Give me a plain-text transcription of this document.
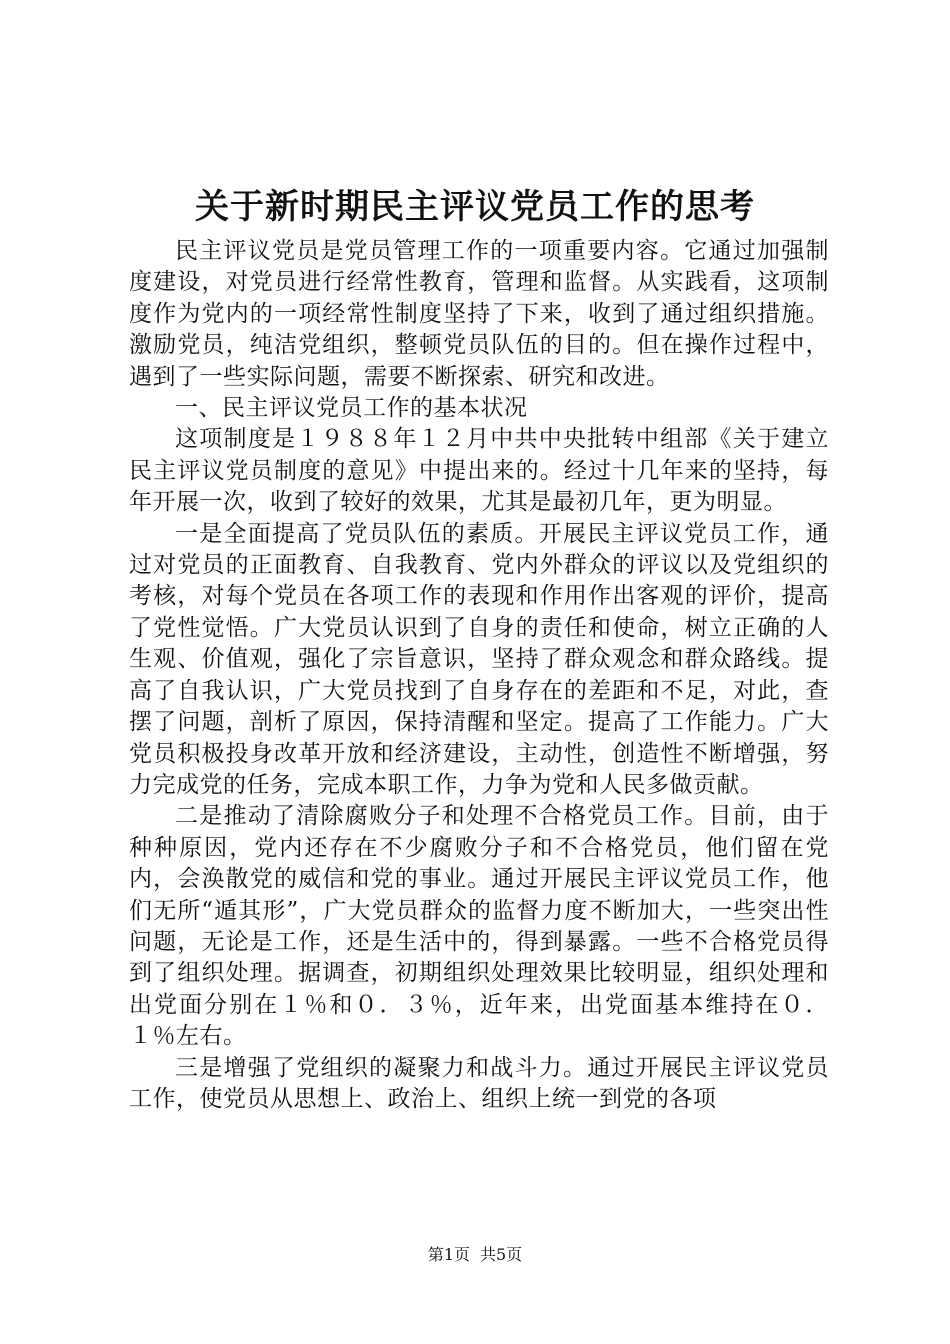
关于新时期民主评议党员工作的思考

民主评议党员是党员管理工作的一项重要内容。它通过加强制度建设，对党员进行经常性教育，管理和监督。从实践看，这项制度作为党内的一项经常性制度坚持了下来，收到了通过组织措施。激励党员，纯洁党组织，整顿党员队伍的目的。但在操作过程中，遇到了一些实际问题，需要不断探索、研究和改进。

一、民主评议党员工作的基本状况

这项制度是１９８８年１２月中共中央批转中组部《关于建立民主评议党员制度的意见》中提出来的。经过十几年来的坚持，每年开展一次，收到了较好的效果，尤其是最初几年，更为明显。

一是全面提高了党员队伍的素质。开展民主评议党员工作，通过对党员的正面教育、自我教育、党内外群众的评议以及党组织的考核，对每个党员在各项工作的表现和作用作出客观的评价，提高了党性觉悟。广大党员认识到了自身的责任和使命，树立正确的人生观、价值观，强化了宗旨意识，坚持了群众观念和群众路线。提高了自我认识，广大党员找到了自身存在的差距和不足，对此，查摆了问题，剖析了原因，保持清醒和坚定。提高了工作能力。广大党员积极投身改革开放和经济建设，主动性，创造性不断增强，努力完成党的任务，完成本职工作，力争为党和人民多做贡献。

二是推动了清除腐败分子和处理不合格党员工作。目前，由于种种原因，党内还存在不少腐败分子和不合格党员，他们留在党内，会涣散党的威信和党的事业。通过开展民主评议党员工作，他们无所“遁其形”，广大党员群众的监督力度不断加大，一些突出性问题，无论是工作，还是生活中的，得到暴露。一些不合格党员得到了组织处理。据调查，初期组织处理效果比较明显，组织处理和出党面分别在１％和０．３％，近年来，出党面基本维持在０．１％左右。

三是增强了党组织的凝聚力和战斗力。通过开展民主评议党员工作，使党员从思想上、政治上、组织上统一到党的各项

第1页 共5页
